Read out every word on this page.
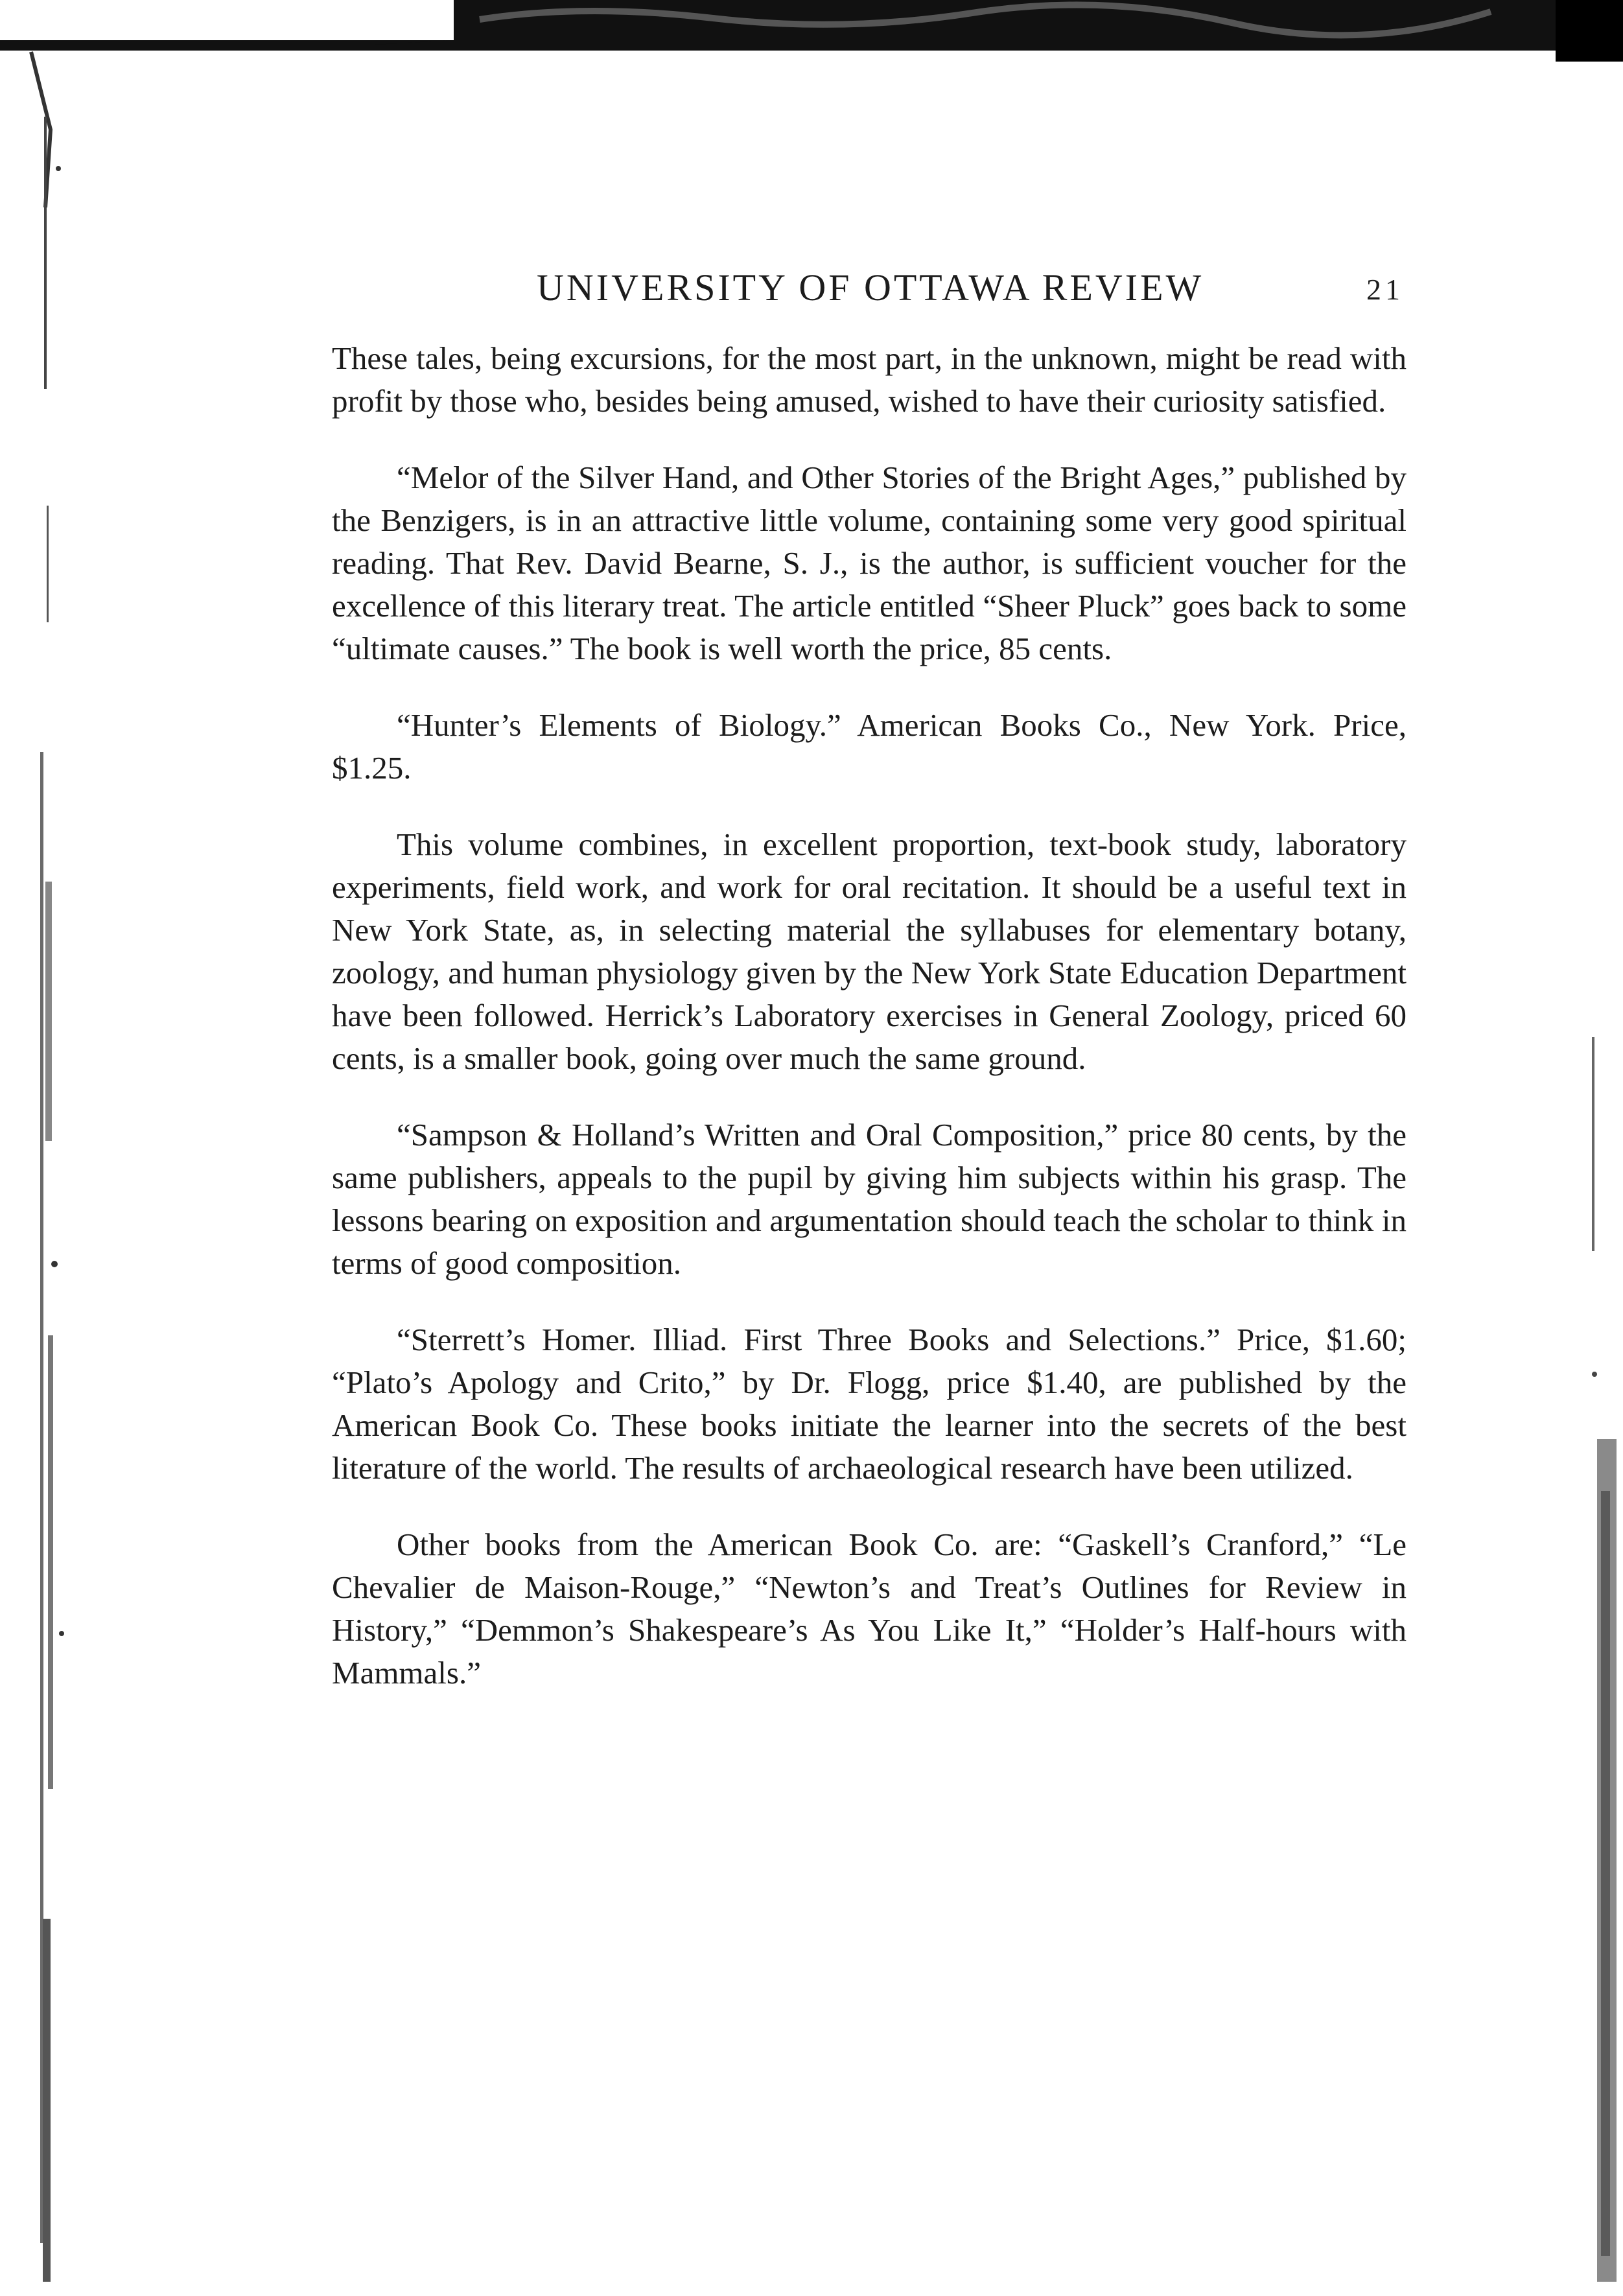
UNIVERSITY OF OTTAWA REVIEW	21

These tales, being excursions, for the most part, in the unknown, might be read with profit by those who, besides being amused, wished to have their curiosity satisfied.

“Melor of the Silver Hand, and Other Stories of the Bright Ages,” published by the Benzigers, is in an attractive little volume, containing some very good spiritual reading. That Rev. David Bearne, S. J., is the author, is sufficient voucher for the excellence of this literary treat. The article entitled “Sheer Pluck” goes back to some “ultimate causes.” The book is well worth the price, 85 cents.

“Hunter’s Elements of Biology.” American Books Co., New York. Price, $1.25.

This volume combines, in excellent proportion, text-book study, laboratory experiments, field work, and work for oral recitation. It should be a useful text in New York State, as, in selecting material the syllabuses for elementary botany, zoology, and human physiology given by the New York State Education Department have been followed. Herrick’s Laboratory exercises in General Zoology, priced 60 cents, is a smaller book, going over much the same ground.

“Sampson & Holland’s Written and Oral Composition,” price 80 cents, by the same publishers, appeals to the pupil by giving him subjects within his grasp. The lessons bearing on exposition and argumentation should teach the scholar to think in terms of good composition.

“Sterrett’s Homer. Illiad. First Three Books and Selections.” Price, $1.60; “Plato’s Apology and Crito,” by Dr. Flogg, price $1.40, are published by the American Book Co. These books initiate the learner into the secrets of the best literature of the world. The results of archaeological research have been utilized.

Other books from the American Book Co. are: “Gaskell’s Cranford,” “Le Chevalier de Maison-Rouge,” “Newton’s and Treat’s Outlines for Review in History,” “Demmon’s Shakespeare’s As You Like It,” “Holder’s Half-hours with Mammals.”
